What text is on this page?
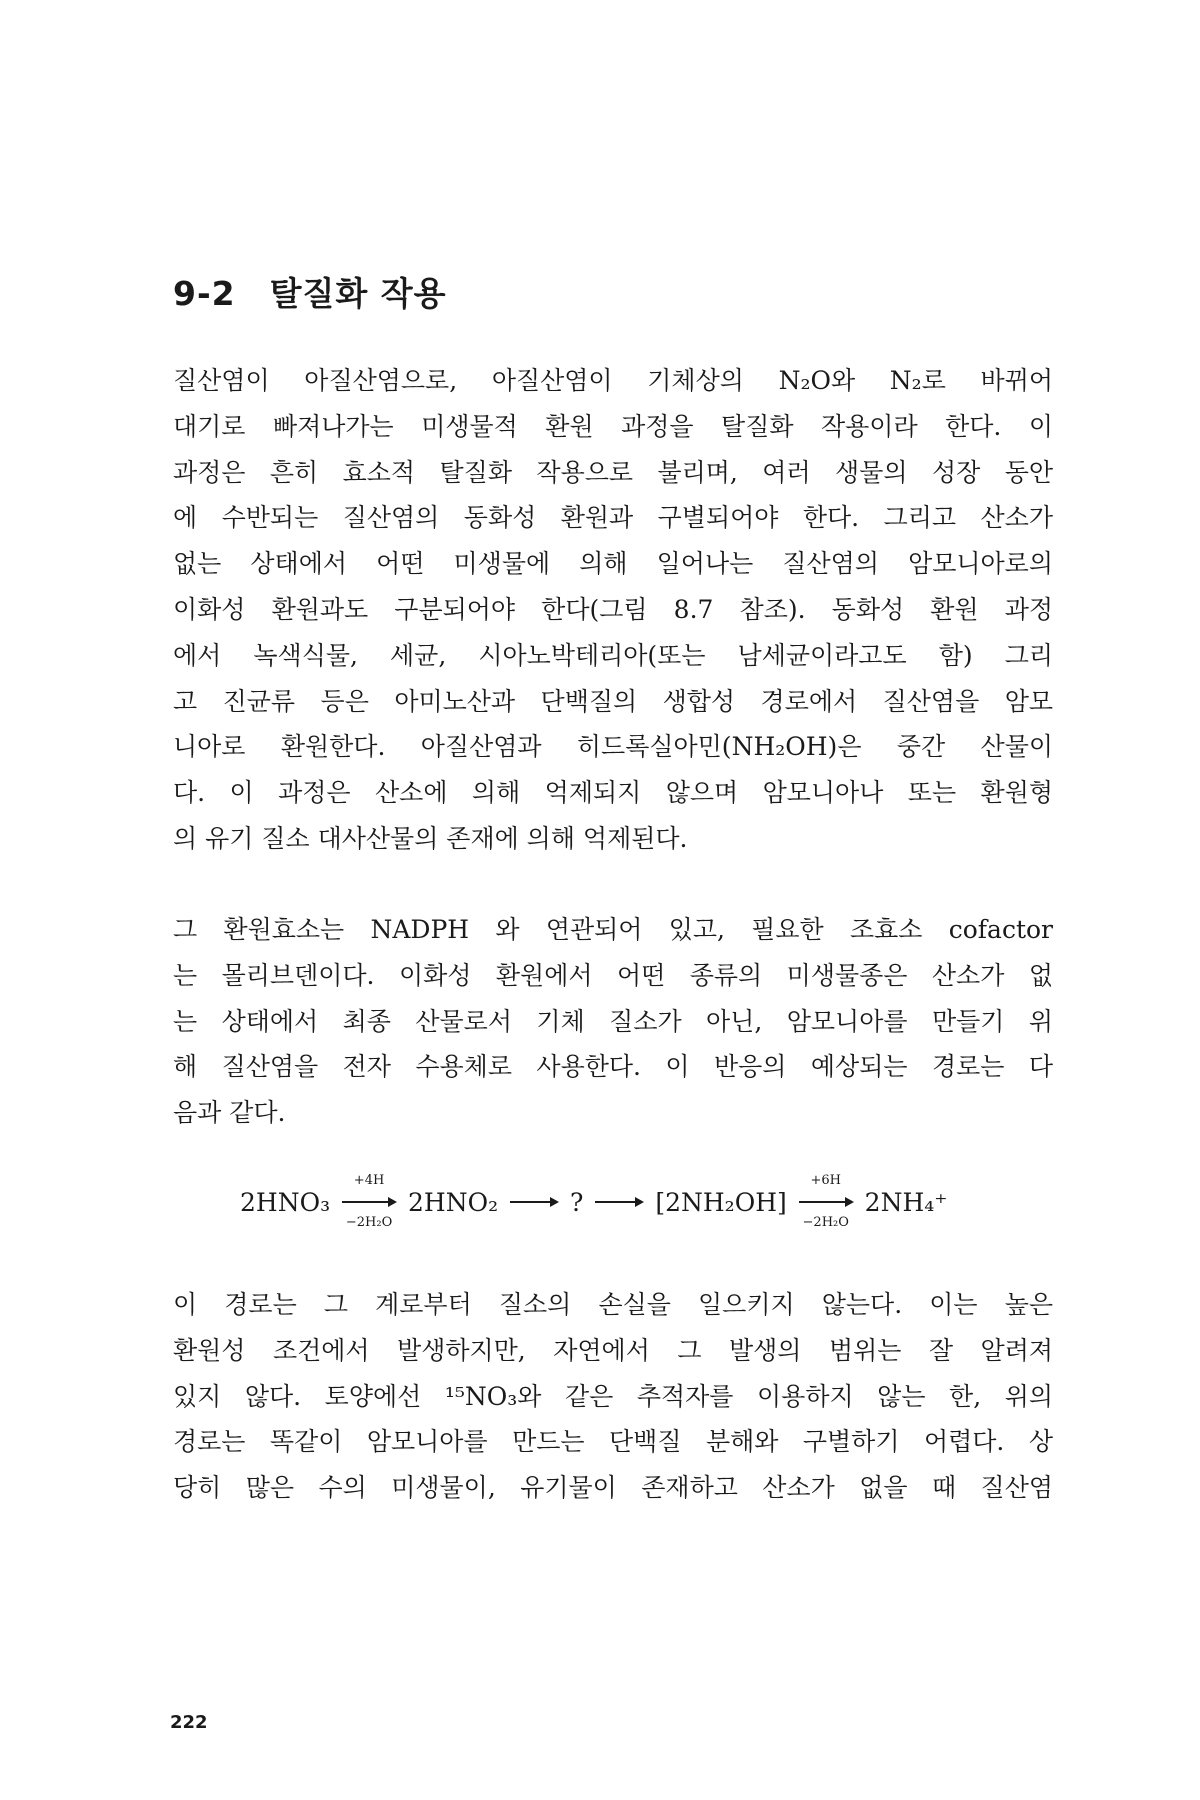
9-2 탈질화 작용
질산염이 아질산염으로, 아질산염이 기체상의 N₂O와 N₂로 바뀌어
대기로 빠져나가는 미생물적 환원 과정을 탈질화 작용이라 한다. 이
과정은 흔히 효소적 탈질화 작용으로 불리며, 여러 생물의 성장 동안
에 수반되는 질산염의 동화성 환원과 구별되어야 한다. 그리고 산소가
없는 상태에서 어떤 미생물에 의해 일어나는 질산염의 암모니아로의
이화성 환원과도 구분되어야 한다(그림 8.7 참조). 동화성 환원 과정
에서 녹색식물, 세균, 시아노박테리아(또는 남세균이라고도 함) 그리
고 진균류 등은 아미노산과 단백질의 생합성 경로에서 질산염을 암모
니아로 환원한다. 아질산염과 히드록실아민(NH₂OH)은 중간 산물이
다. 이 과정은 산소에 의해 억제되지 않으며 암모니아나 또는 환원형
의 유기 질소 대사산물의 존재에 의해 억제된다.
그 환원효소는 NADPH 와 연관되어 있고, 필요한 조효소 cofactor
는 몰리브덴이다. 이화성 환원에서 어떤 종류의 미생물종은 산소가 없
는 상태에서 최종 산물로서 기체 질소가 아닌, 암모니아를 만들기 위
해 질산염을 전자 수용체로 사용한다. 이 반응의 예상되는 경로는 다
음과 같다.
2HNO₃
+4H
−2H₂O
2HNO₂	?	[2NH₂OH]
+6H
−2H₂O
2NH₄⁺
이 경로는 그 계로부터 질소의 손실을 일으키지 않는다. 이는 높은
환원성 조건에서 발생하지만, 자연에서 그 발생의 범위는 잘 알려져
있지 않다. 토양에선 ¹⁵NO₃와 같은 추적자를 이용하지 않는 한, 위의
경로는 똑같이 암모니아를 만드는 단백질 분해와 구별하기 어렵다. 상
당히 많은 수의 미생물이, 유기물이 존재하고 산소가 없을 때 질산염
222
